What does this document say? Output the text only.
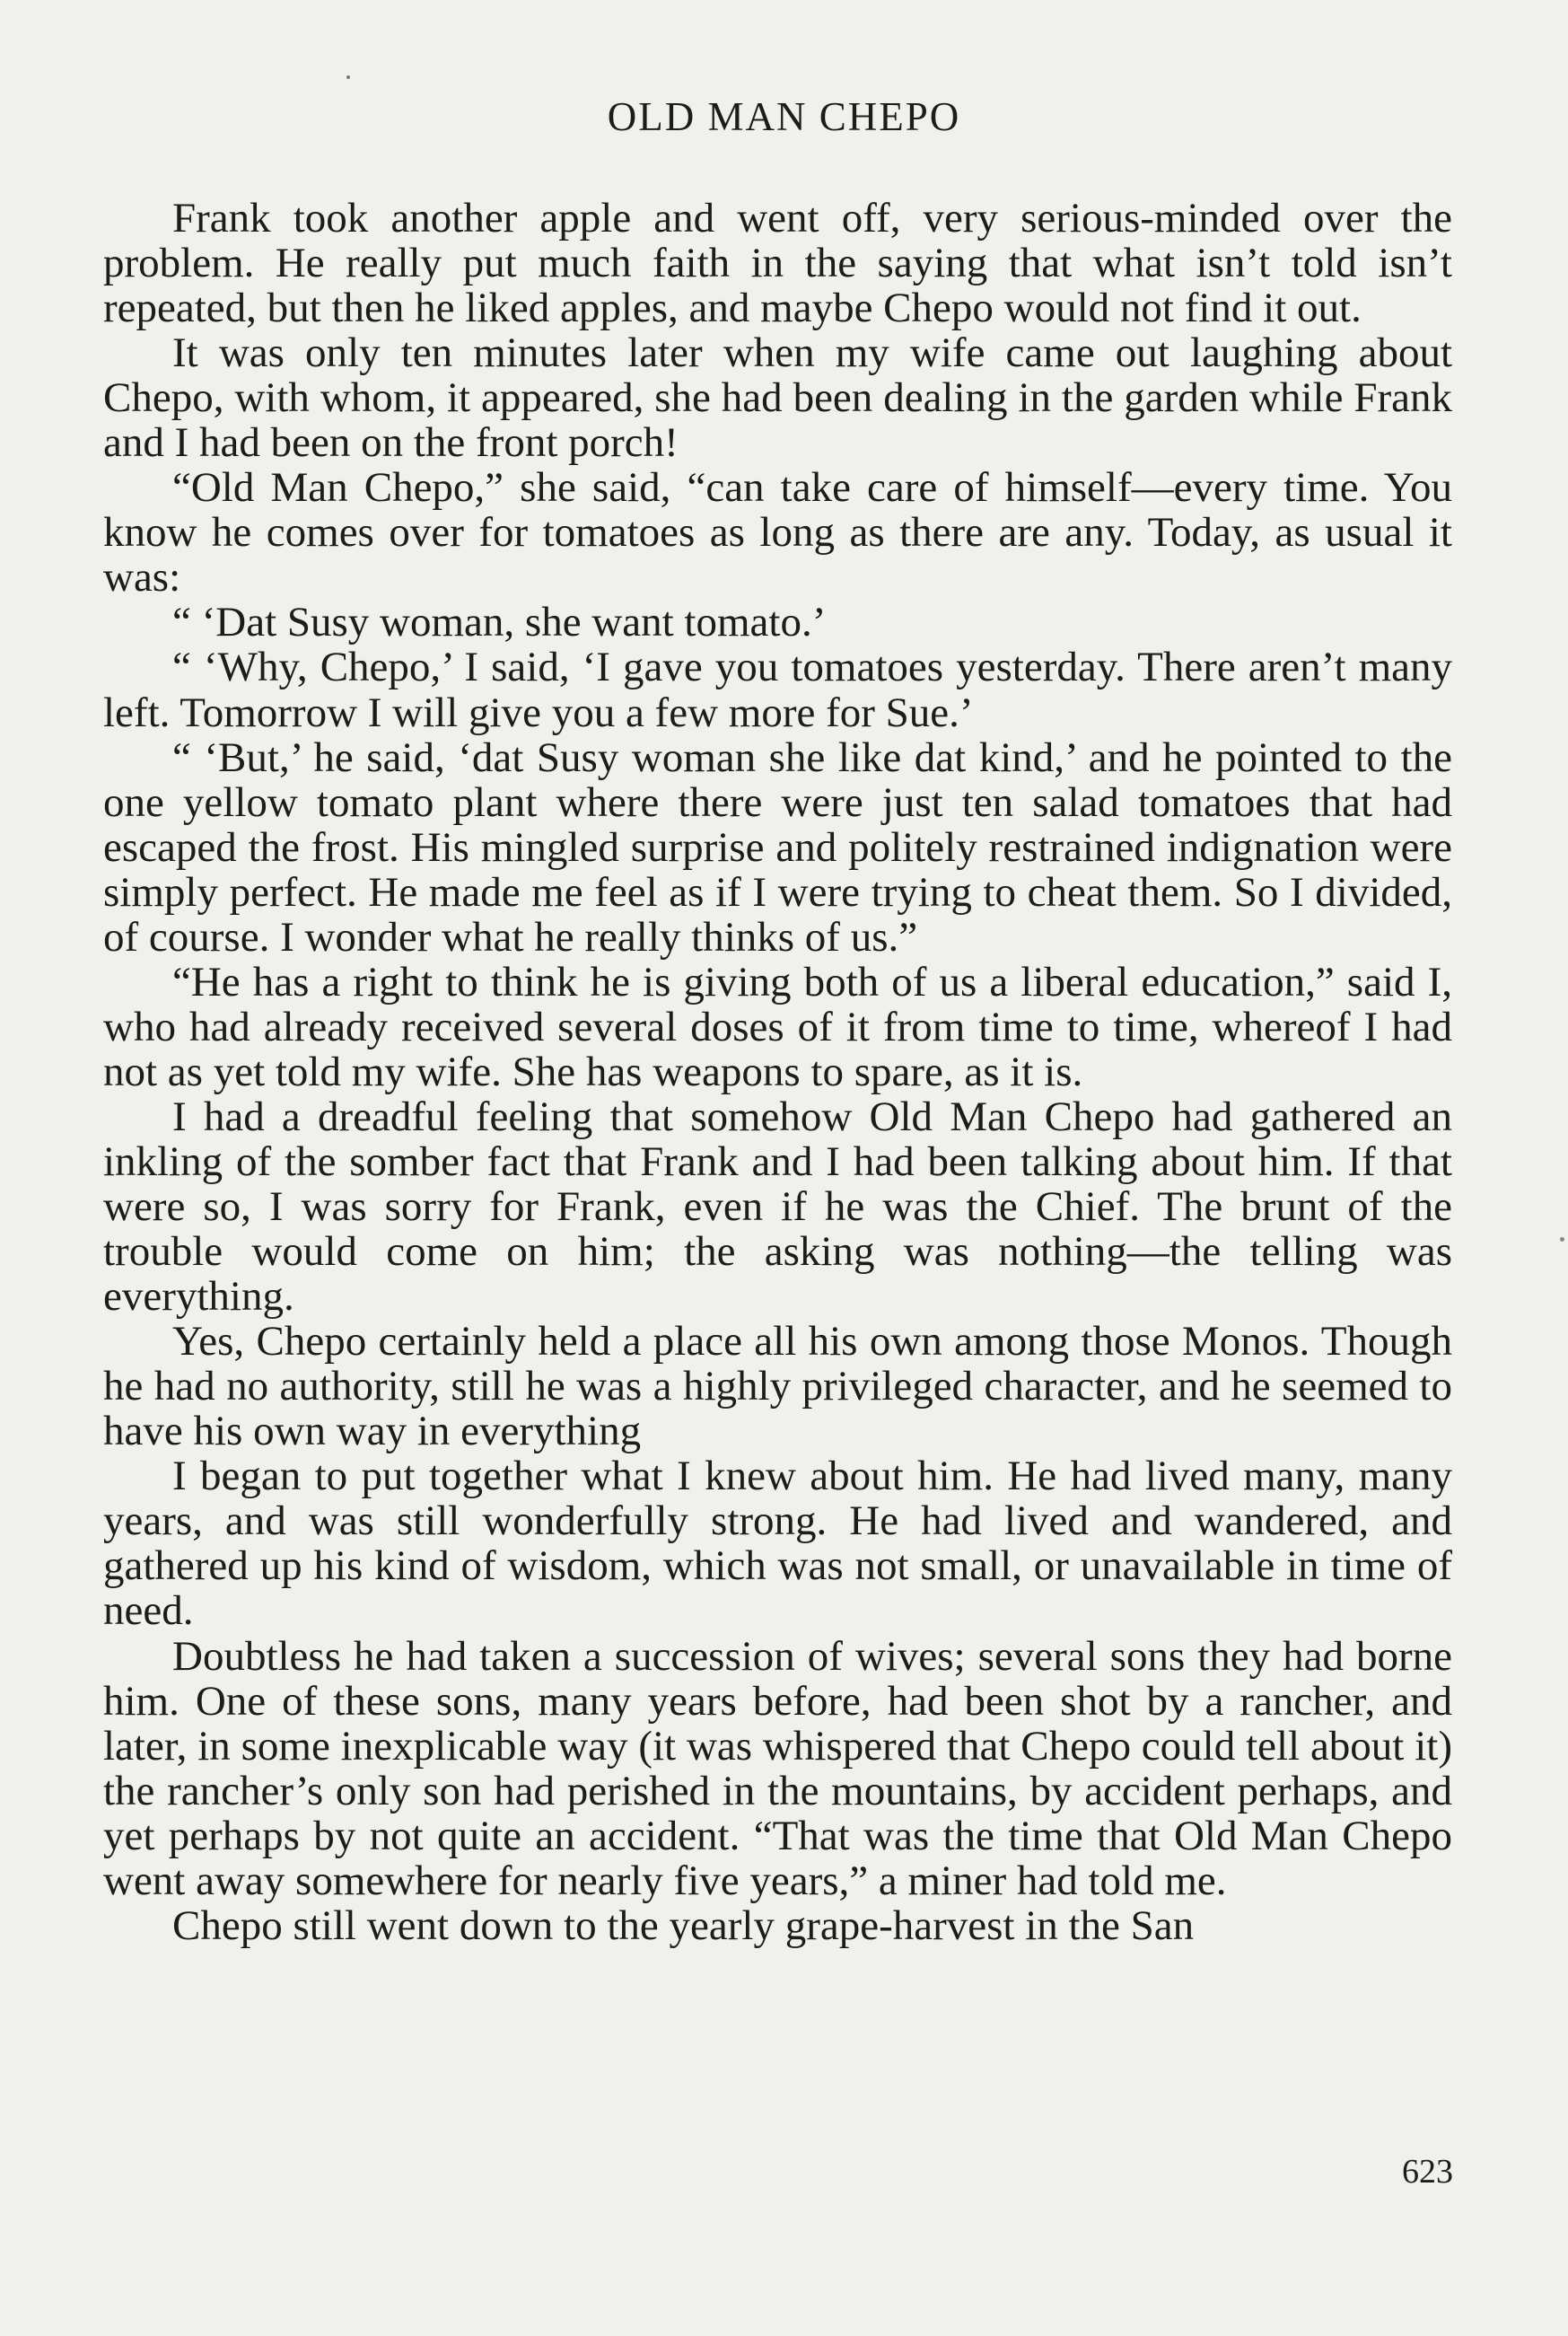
OLD MAN CHEPO

Frank took another apple and went off, very serious-minded over the problem. He really put much faith in the saying that what isn’t told isn’t repeated, but then he liked apples, and maybe Chepo would not find it out.

It was only ten minutes later when my wife came out laughing about Chepo, with whom, it appeared, she had been dealing in the garden while Frank and I had been on the front porch!

“Old Man Chepo,” she said, “can take care of himself—every time. You know he comes over for tomatoes as long as there are any. Today, as usual it was:

“ ‘Dat Susy woman, she want tomato.’

“ ‘Why, Chepo,’ I said, ‘I gave you tomatoes yesterday. There aren’t many left. Tomorrow I will give you a few more for Sue.’

“ ‘But,’ he said, ‘dat Susy woman she like dat kind,’ and he pointed to the one yellow tomato plant where there were just ten salad tomatoes that had escaped the frost. His mingled surprise and politely restrained indignation were simply perfect. He made me feel as if I were trying to cheat them. So I divided, of course. I wonder what he really thinks of us.”

“He has a right to think he is giving both of us a liberal education,” said I, who had already received several doses of it from time to time, whereof I had not as yet told my wife. She has weapons to spare, as it is.

I had a dreadful feeling that somehow Old Man Chepo had gathered an inkling of the somber fact that Frank and I had been talking about him. If that were so, I was sorry for Frank, even if he was the Chief. The brunt of the trouble would come on him; the asking was nothing—the telling was everything.

Yes, Chepo certainly held a place all his own among those Monos. Though he had no authority, still he was a highly privileged character, and he seemed to have his own way in everything

I began to put together what I knew about him. He had lived many, many years, and was still wonderfully strong. He had lived and wandered, and gathered up his kind of wisdom, which was not small, or unavailable in time of need.

Doubtless he had taken a succession of wives; several sons they had borne him. One of these sons, many years before, had been shot by a rancher, and later, in some inexplicable way (it was whispered that Chepo could tell about it) the rancher’s only son had perished in the mountains, by accident perhaps, and yet perhaps by not quite an accident. “That was the time that Old Man Chepo went away somewhere for nearly five years,” a miner had told me.

Chepo still went down to the yearly grape-harvest in the San

623
